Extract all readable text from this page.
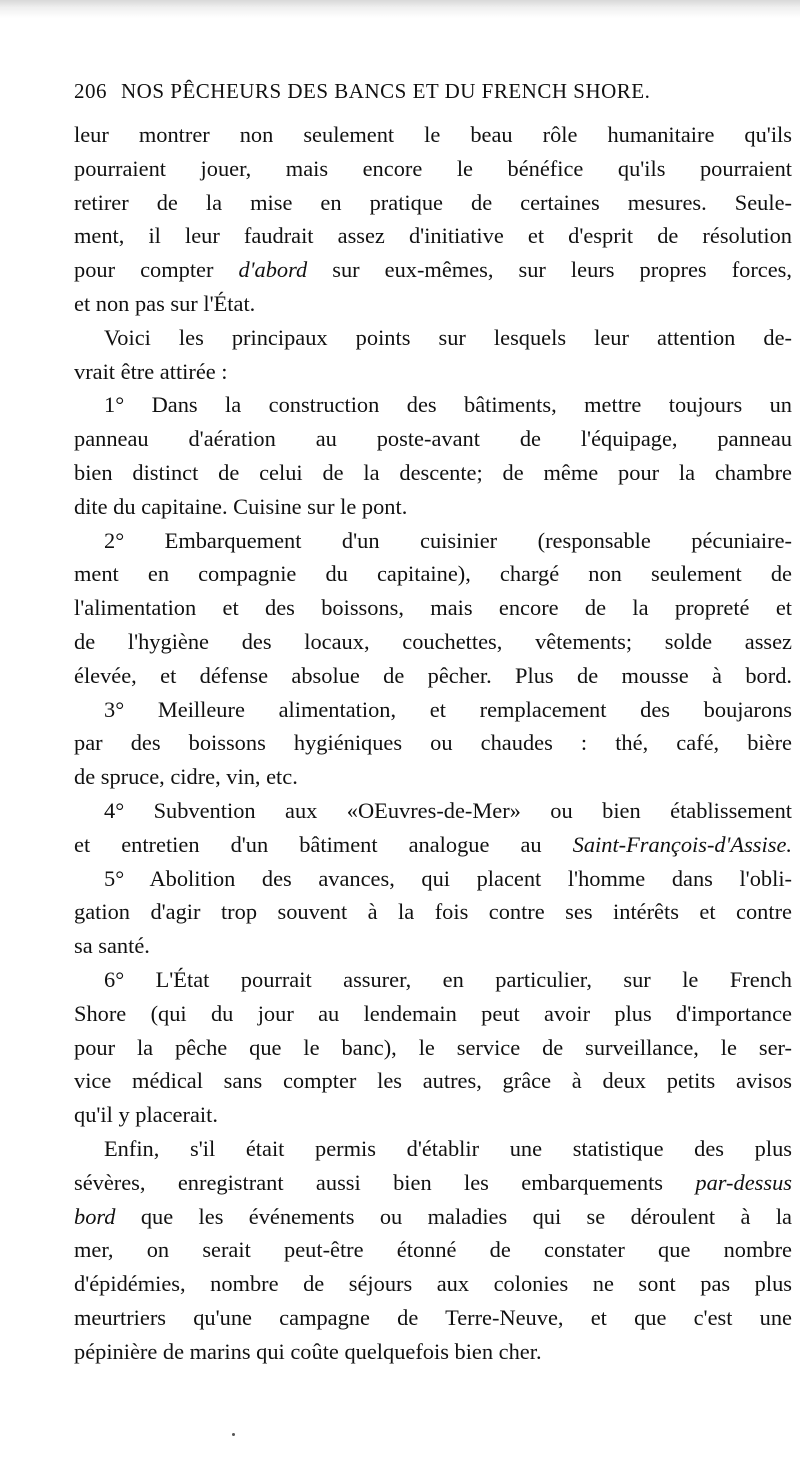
206 NOS PÊCHEURS DES BANCS ET DU FRENCH SHORE.
leur montrer non seulement le beau rôle humanitaire qu'ils
pourraient jouer, mais encore le bénéfice qu'ils pourraient
retirer de la mise en pratique de certaines mesures. Seule-
ment, il leur faudrait assez d'initiative et d'esprit de résolution
pour compter d'abord sur eux-mêmes, sur leurs propres forces,
et non pas sur l'État.
Voici les principaux points sur lesquels leur attention de-
vrait être attirée :
1° Dans la construction des bâtiments, mettre toujours un
panneau d'aération au poste-avant de l'équipage, panneau
bien distinct de celui de la descente; de même pour la chambre
dite du capitaine. Cuisine sur le pont.
2° Embarquement d'un cuisinier (responsable pécuniaire-
ment en compagnie du capitaine), chargé non seulement de
l'alimentation et des boissons, mais encore de la propreté et
de l'hygiène des locaux, couchettes, vêtements; solde assez
élevée, et défense absolue de pêcher. Plus de mousse à bord.
3° Meilleure alimentation, et remplacement des boujarons
par des boissons hygiéniques ou chaudes : thé, café, bière
de spruce, cidre, vin, etc.
4° Subvention aux «OEuvres-de-Mer» ou bien établissement
et entretien d'un bâtiment analogue au Saint-François-d'Assise.
5° Abolition des avances, qui placent l'homme dans l'obli-
gation d'agir trop souvent à la fois contre ses intérêts et contre
sa santé.
6° L'État pourrait assurer, en particulier, sur le French
Shore (qui du jour au lendemain peut avoir plus d'importance
pour la pêche que le banc), le service de surveillance, le ser-
vice médical sans compter les autres, grâce à deux petits avisos
qu'il y placerait.
Enfin, s'il était permis d'établir une statistique des plus
sévères, enregistrant aussi bien les embarquements par-dessus
bord que les événements ou maladies qui se déroulent à la
mer, on serait peut-être étonné de constater que nombre
d'épidémies, nombre de séjours aux colonies ne sont pas plus
meurtriers qu'une campagne de Terre-Neuve, et que c'est une
pépinière de marins qui coûte quelquefois bien cher.
